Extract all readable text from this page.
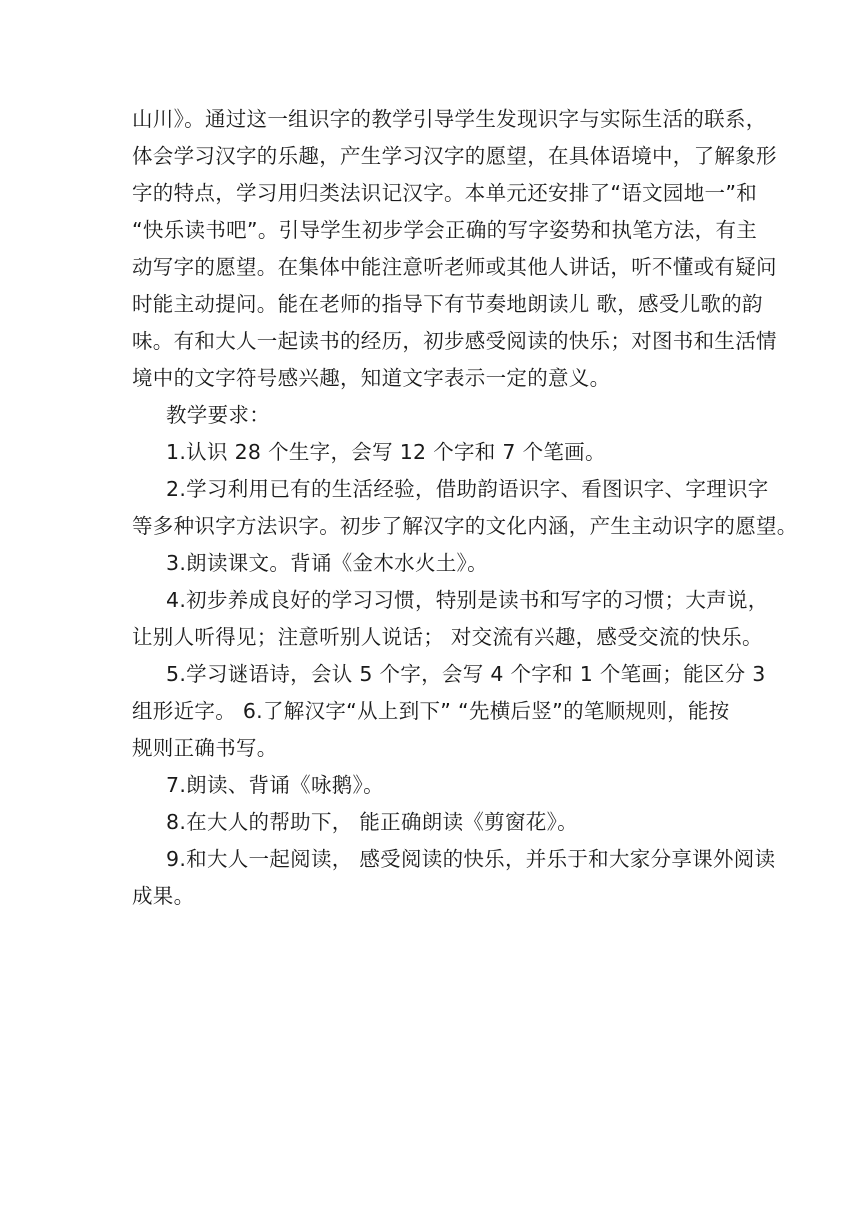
山川》。通过这一组识字的教学引导学生发现识字与实际生活的联系，
体会学习汉字的乐趣，产生学习汉字的愿望，在具体语境中，了解象形
字的特点，学习用归类法识记汉字。本单元还安排了“语文园地一”和
“快乐读书吧”。引导学生初步学会正确的写字姿势和执笔方法，有主
动写字的愿望。在集体中能注意听老师或其他人讲话，听不懂或有疑问
时能主动提问。能在老师的指导下有节奏地朗读儿 歌，感受儿歌的韵
味。有和大人一起读书的经历，初步感受阅读的快乐；对图书和生活情
境中的文字符号感兴趣，知道文字表示一定的意义。
教学要求：
1.认识 28 个生字，会写 12 个字和 7 个笔画。
2.学习利用已有的生活经验，借助韵语识字、看图识字、字理识字
等多种识字方法识字。初步了解汉字的文化内涵，产生主动识字的愿望。
3.朗读课文。背诵《金木水火土》。
4.初步养成良好的学习习惯，特别是读书和写字的习惯；大声说，
让别人听得见；注意听别人说话； 对交流有兴趣，感受交流的快乐。
5.学习谜语诗，会认 5 个字，会写 4 个字和 1 个笔画；能区分 3
组形近字。 6.了解汉字“从上到下” “先横后竖”的笔顺规则，能按
规则正确书写。
7.朗读、背诵《咏鹅》。
8.在大人的帮助下， 能正确朗读《剪窗花》。
9.和大人一起阅读， 感受阅读的快乐，并乐于和大家分享课外阅读
成果。
